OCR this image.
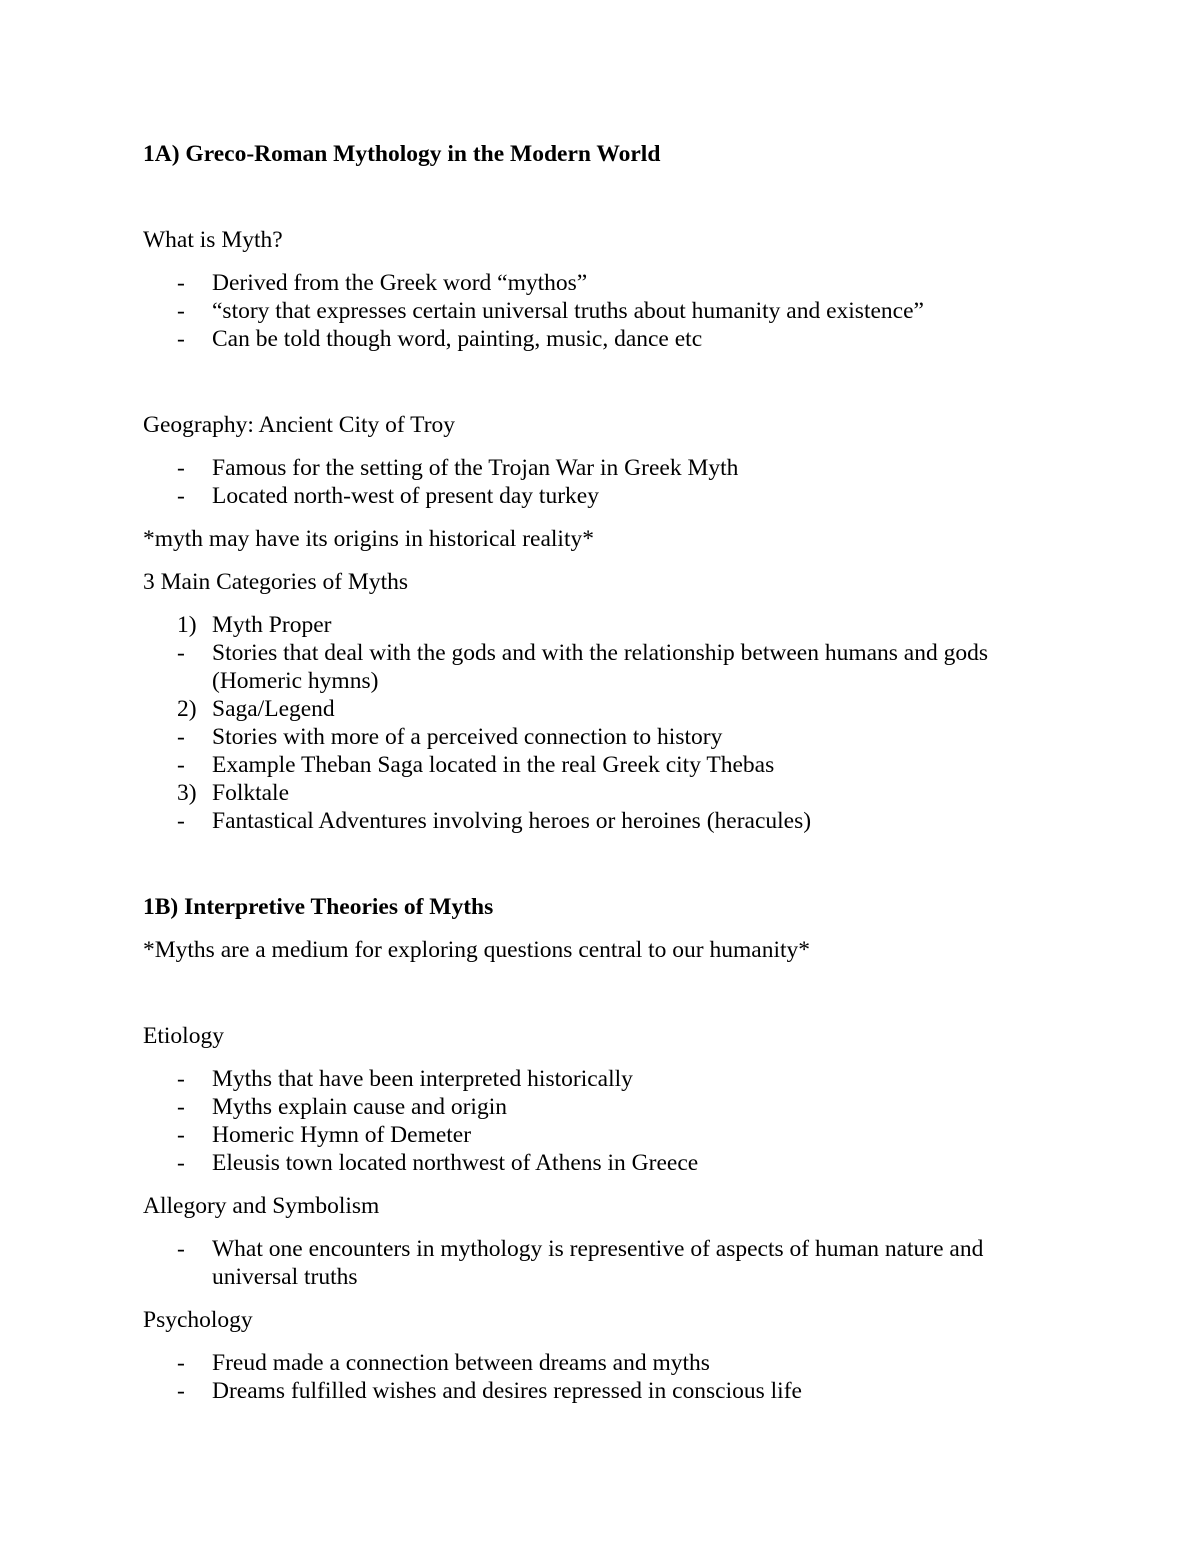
1A) Greco-Roman Mythology in the Modern World
What is Myth?
- Derived from the Greek word “mythos”
- “story that expresses certain universal truths about humanity and existence”
- Can be told though word, painting, music, dance etc
Geography: Ancient City of Troy
- Famous for the setting of the Trojan War in Greek Myth
- Located north-west of present day turkey
*myth may have its origins in historical reality*
3 Main Categories of Myths
1) Myth Proper
- Stories that deal with the gods and with the relationship between humans and gods (Homeric hymns)
2) Saga/Legend
- Stories with more of a perceived connection to history
- Example Theban Saga located in the real Greek city Thebas
3) Folktale
- Fantastical Adventures involving heroes or heroines (heracules)
1B) Interpretive Theories of Myths
*Myths are a medium for exploring questions central to our humanity*
Etiology
- Myths that have been interpreted historically
- Myths explain cause and origin
- Homeric Hymn of Demeter
- Eleusis town located northwest of Athens in Greece
Allegory and Symbolism
- What one encounters in mythology is representive of aspects of human nature and universal truths
Psychology
- Freud made a connection between dreams and myths
- Dreams fulfilled wishes and desires repressed in conscious life
